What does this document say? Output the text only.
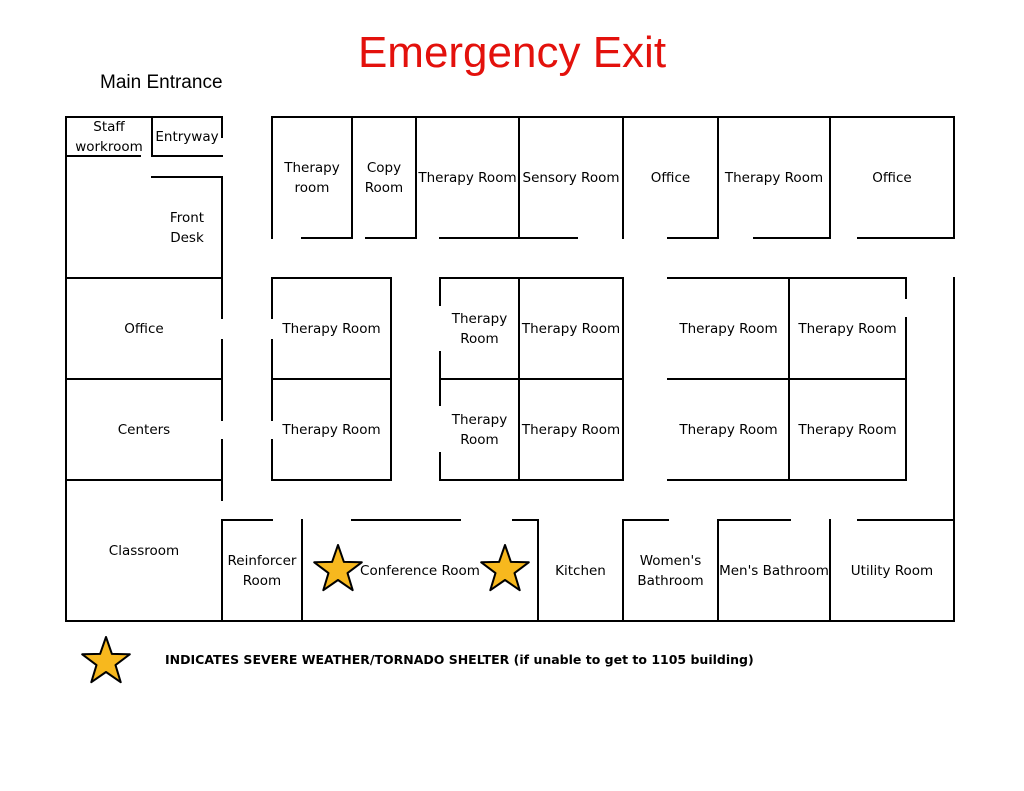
Emergency Exit
Main Entrance
Staff
workroom
Entryway
Front
Desk
Office
Centers
Classroom
Therapy
room
Copy
Room
Therapy Room Sensory Room	Office	Therapy Room	Office
Therapy Room
Therapy Room
Therapy
Room
Therapy Room
Therapy
Room
Therapy Room
Therapy Room	Therapy Room
Therapy Room	Therapy Room
Reinforcer
Room
Conference Room	Kitchen
Women's
Bathroom
Men's Bathroom	Utility Room
INDICATES SEVERE WEATHER/TORNADO SHELTER (if unable to get to 1105 building)
